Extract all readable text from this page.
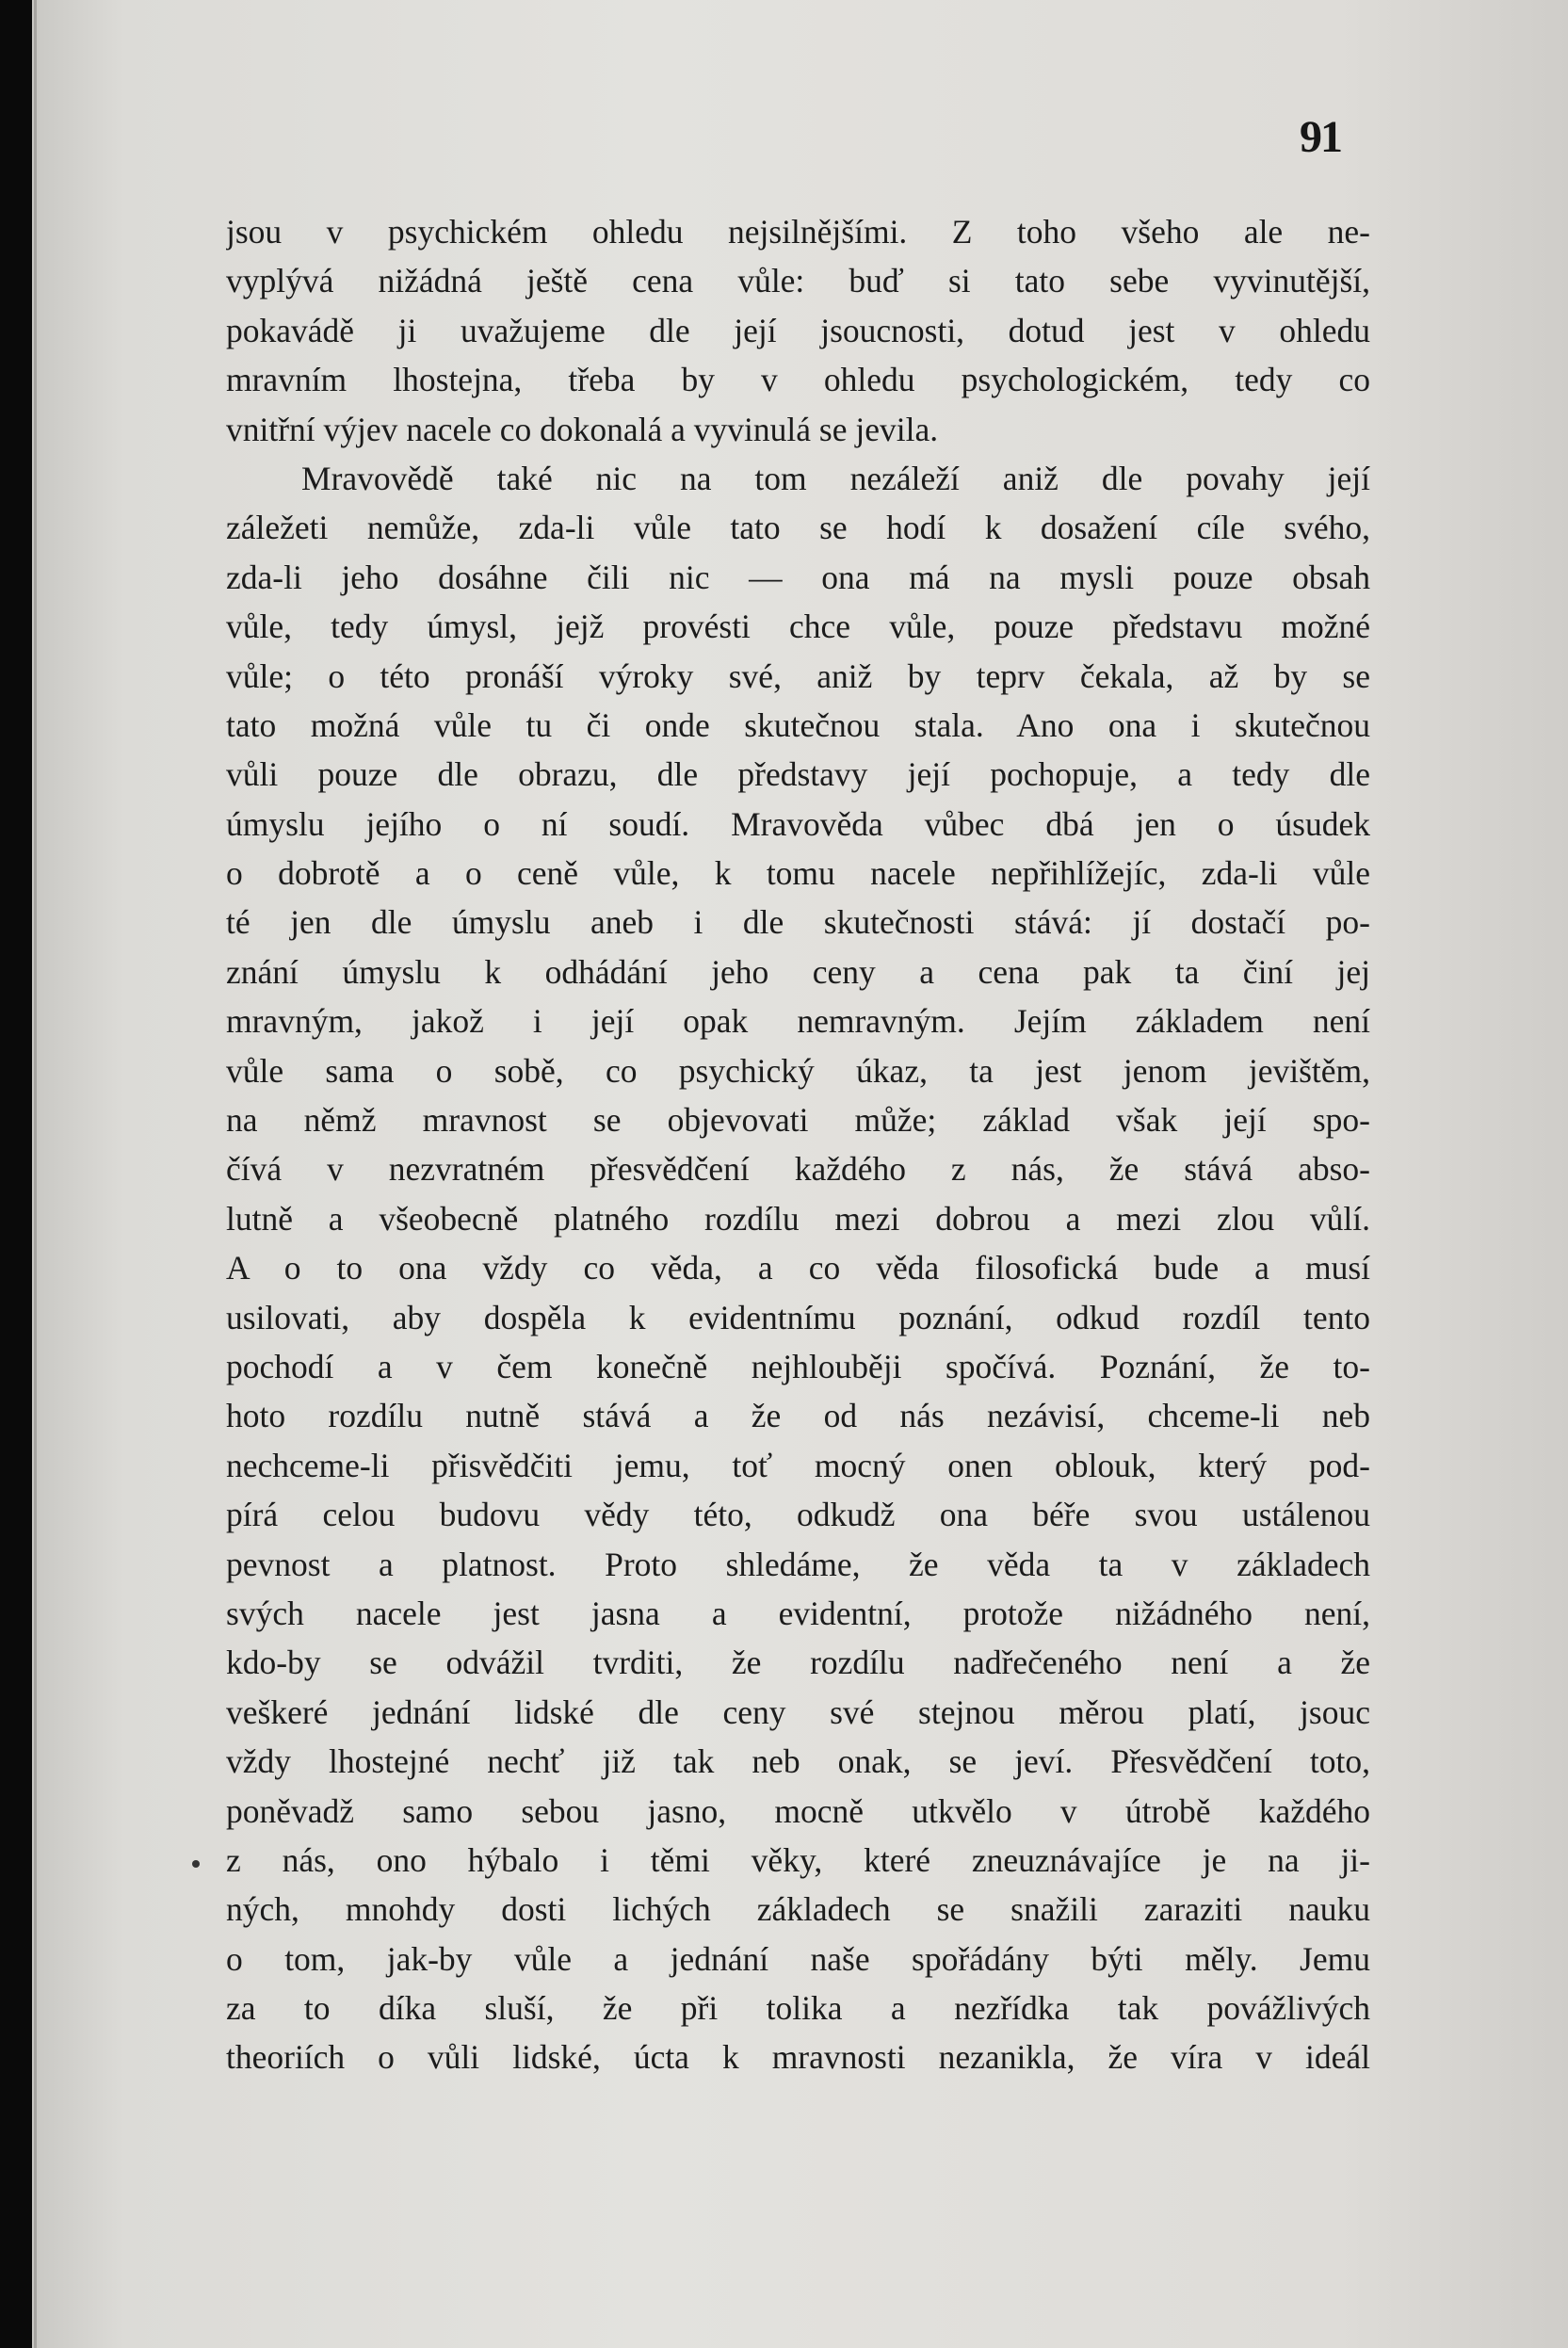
91
jsou v psychickém ohledu nejsilnějšími. Z toho všeho ale ne-
vyplývá nižádná ještě cena vůle: buď si tato sebe vyvinutější,
pokavádě ji uvažujeme dle její jsoucnosti, dotud jest v ohledu
mravním lhostejna, třeba by v ohledu psychologickém, tedy co
vnitřní výjev nacele co dokonalá a vyvinulá se jevila.
Mravovědě také nic na tom nezáleží aniž dle povahy její
záležeti nemůže, zda-li vůle tato se hodí k dosažení cíle svého,
zda-li jeho dosáhne čili nic — ona má na mysli pouze obsah
vůle, tedy úmysl, jejž provésti chce vůle, pouze představu možné
vůle; o této pronáší výroky své, aniž by teprv čekala, až by se
tato možná vůle tu či onde skutečnou stala. Ano ona i skutečnou
vůli pouze dle obrazu, dle představy její pochopuje, a tedy dle
úmyslu jejího o ní soudí. Mravověda vůbec dbá jen o úsudek
o dobrotě a o ceně vůle, k tomu nacele nepřihlížejíc, zda-li vůle
té jen dle úmyslu aneb i dle skutečnosti stává: jí dostačí po-
znání úmyslu k odhádání jeho ceny a cena pak ta činí jej
mravným, jakož i její opak nemravným. Jejím základem není
vůle sama o sobě, co psychický úkaz, ta jest jenom jevištěm,
na němž mravnost se objevovati může; základ však její spo-
čívá v nezvratném přesvědčení každého z nás, že stává abso-
lutně a všeobecně platného rozdílu mezi dobrou a mezi zlou vůlí.
A o to ona vždy co věda, a co věda filosofická bude a musí
usilovati, aby dospěla k evidentnímu poznání, odkud rozdíl tento
pochodí a v čem konečně nejhlouběji spočívá. Poznání, že to-
hoto rozdílu nutně stává a že od nás nezávisí, chceme-li neb
nechceme-li přisvědčiti jemu, toť mocný onen oblouk, který pod-
pírá celou budovu vědy této, odkudž ona béře svou ustálenou
pevnost a platnost. Proto shledáme, že věda ta v základech
svých nacele jest jasna a evidentní, protože nižádného není,
kdo-by se odvážil tvrditi, že rozdílu nadřečeného není a že
veškeré jednání lidské dle ceny své stejnou měrou platí, jsouc
vždy lhostejné nechť již tak neb onak, se jeví. Přesvědčení toto,
poněvadž samo sebou jasno, mocně utkvělo v útrobě každého
z nás, ono hýbalo i těmi věky, které zneuznávajíce je na ji-
ných, mnohdy dosti lichých základech se snažili zaraziti nauku
o tom, jak-by vůle a jednání naše spořádány býti měly. Jemu
za to díka sluší, že při tolika a nezřídka tak povážlivých
theoriích o vůli lidské, úcta k mravnosti nezanikla, že víra v ideál
